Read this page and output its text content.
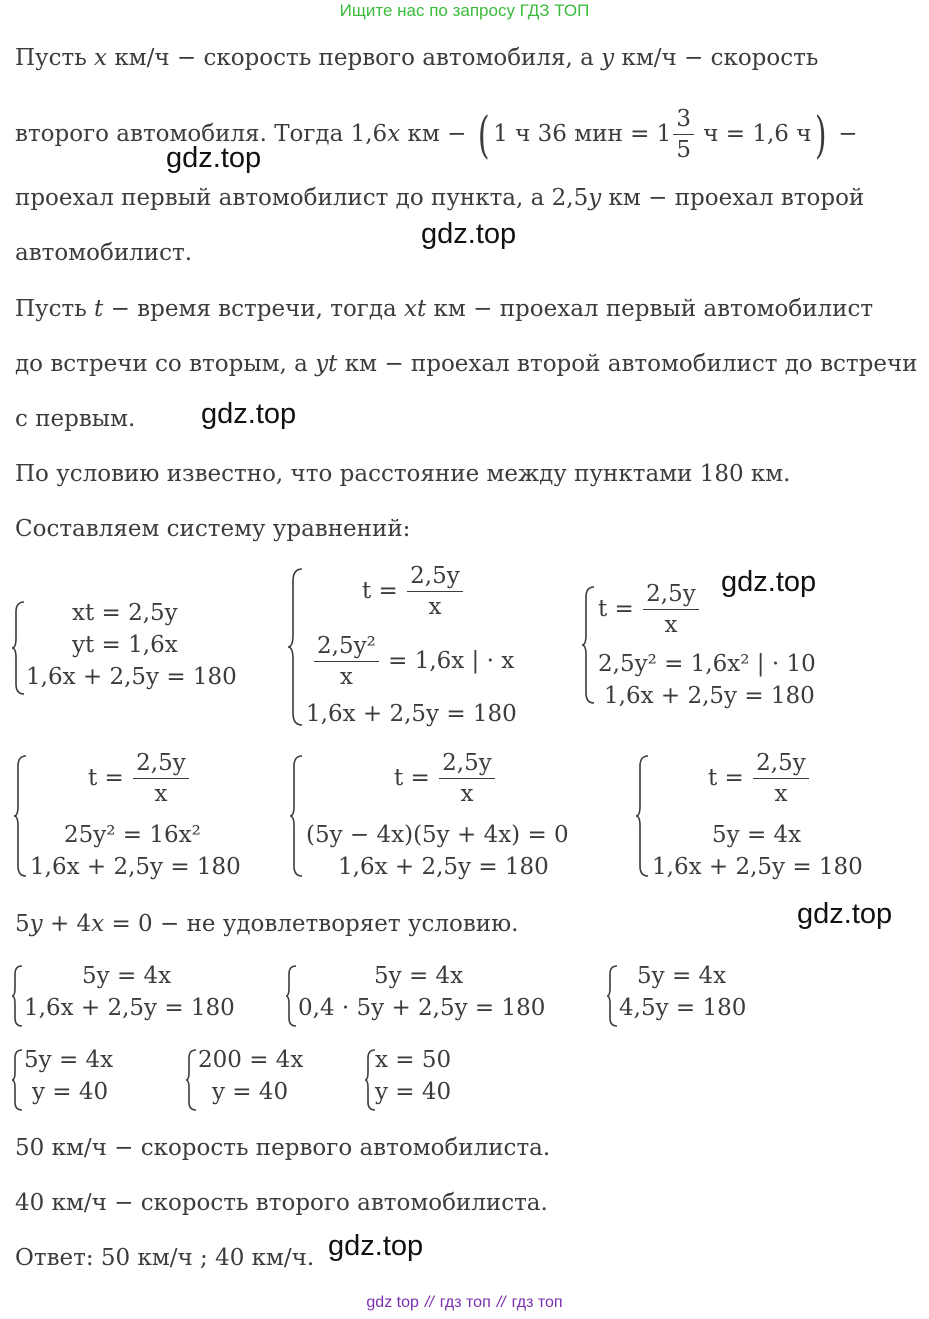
Ищите нас по запросу ГДЗ ТОП
Пусть x км/ч − скорость первого автомобиля, а y км/ч − скорость
второго автомобиля. Тогда 1,6x км − ( 1 ч 36 мин = $1 \frac{3}{5}$ ч = 1,6 ч) −
проехал первый автомобилист до пункта, а 2,5y км − проехал второй
автомобилист.
Пусть t − время встречи, тогда xt км − проехал первый автомобилист
до встречи со вторым, а yt км − проехал второй автомобилист до встречи
с первым.
По условию известно, что расстояние между пунктами 180 км.
Составляем систему уравнений:
xt = 2,5y
yt = 1,6x
1,6x + 2,5y = 180
$t = \frac{2,5y}{x}$
$\frac{\text{2,5y²}}{x} = 1,6x$ | · x
1,6x + 2,5y = 180
$t = \frac{2,5y}{x}$
2,5y² = 1,6x² | · 10
1,6x + 2,5y = 180
$t = \frac{2,5y}{x}$
25y² = 16x²
1,6x + 2,5y = 180
$t = \frac{2,5y}{x}$
(5y − 4x)(5y + 4x) = 0
1,6x + 2,5y = 180
$t = \frac{2,5y}{x}$
5y = 4x
1,6x + 2,5y = 180
5y + 4x = 0 − не удовлетворяет условию.
5y = 4x
1,6x + 2,5y = 180
5y = 4x
0,4 · 5y + 2,5y = 180
5y = 4x
4,5y = 180
5y = 4x
y = 40
200 = 4x
y = 40
x = 50
y = 40
50 км/ч − скорость первого автомобилиста.
40 км/ч − скорость второго автомобилиста.
Ответ: 50 км/ч ; 40 км/ч.
gdz.top
gdz.top
gdz.top
gdz.top
gdz.top
gdz.top
gdz top // гдз топ // гдз топ
